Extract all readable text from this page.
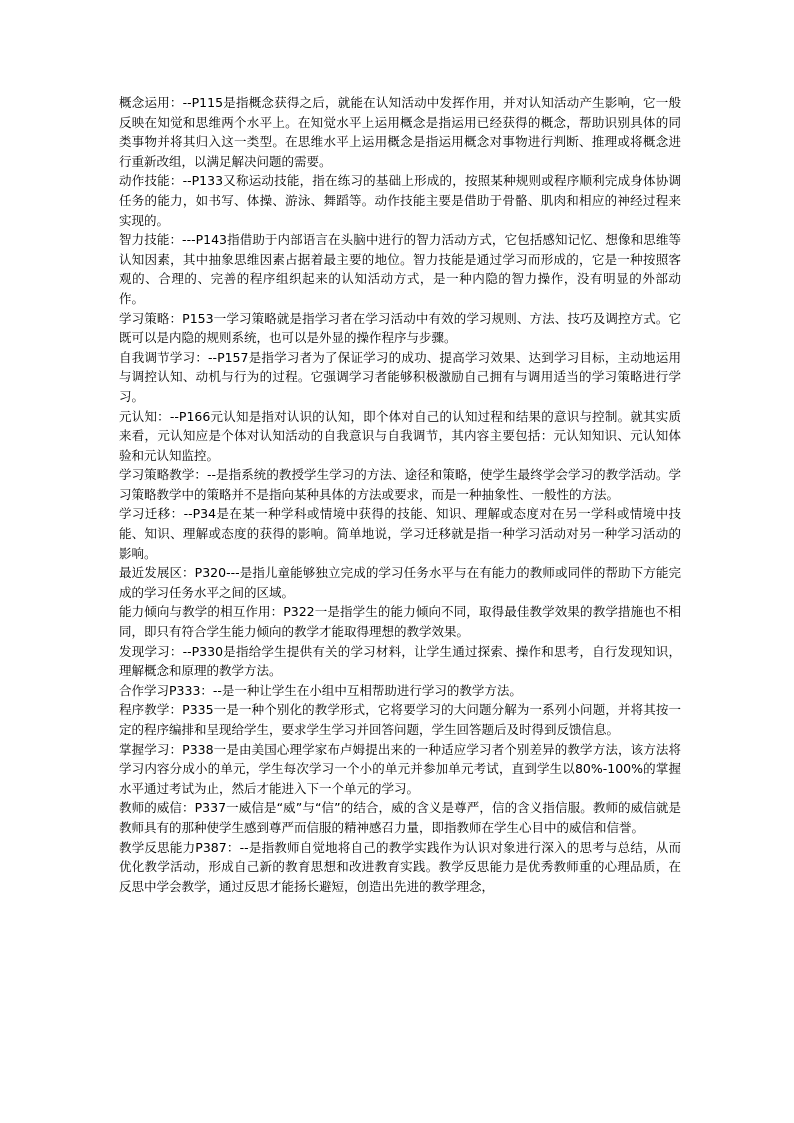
概念运用：--P115是指概念获得之后，就能在认知活动中发挥作用，并对认知活动产生影响，它一般反映在知觉和思维两个水平上。在知觉水平上运用概念是指运用已经获得的概念，帮助识别具体的同类事物并将其归入这一类型。在思维水平上运用概念是指运用概念对事物进行判断、推理或将概念进行重新改组，以满足解决问题的需要。

动作技能：--P133又称运动技能，指在练习的基础上形成的，按照某种规则或程序顺利完成身体协调任务的能力，如书写、体操、游泳、舞蹈等。动作技能主要是借助于骨骼、肌肉和相应的神经过程来实现的。

智力技能：---P143指借助于内部语言在头脑中进行的智力活动方式，它包括感知记忆、想像和思维等认知因素，其中抽象思维因素占据着最主要的地位。智力技能是通过学习而形成的，它是一种按照客观的、合理的、完善的程序组织起来的认知活动方式，是一种内隐的智力操作，没有明显的外部动作。

学习策略：P153一学习策略就是指学习者在学习活动中有效的学习规则、方法、技巧及调控方式。它既可以是内隐的规则系统，也可以是外显的操作程序与步骤。

自我调节学习：--P157是指学习者为了保证学习的成功、提高学习效果、达到学习目标，主动地运用与调控认知、动机与行为的过程。它强调学习者能够积极激励自己拥有与调用适当的学习策略进行学习。

元认知：--P166元认知是指对认识的认知，即个体对自己的认知过程和结果的意识与控制。就其实质来看，元认知应是个体对认知活动的自我意识与自我调节，其内容主要包括：元认知知识、元认知体验和元认知监控。

学习策略教学：--是指系统的教授学生学习的方法、途径和策略，使学生最终学会学习的教学活动。学习策略教学中的策略并不是指向某种具体的方法或要求，而是一种抽象性、一般性的方法。

学习迁移：--P34是在某一种学科或情境中获得的技能、知识、理解或态度对在另一学科或情境中技能、知识、理解或态度的获得的影响。简单地说，学习迁移就是指一种学习活动对另一种学习活动的影响。

最近发展区：P320---是指儿童能够独立完成的学习任务水平与在有能力的教师或同伴的帮助下方能完成的学习任务水平之间的区域。

能力倾向与教学的相互作用：P322一是指学生的能力倾向不同，取得最佳教学效果的教学措施也不相同，即只有符合学生能力倾向的教学才能取得理想的教学效果。

发现学习：--P330是指给学生提供有关的学习材料，让学生通过探索、操作和思考，自行发现知识，理解概念和原理的教学方法。

合作学习P333：--是一种让学生在小组中互相帮助进行学习的教学方法。

程序教学：P335一是一种个别化的教学形式，它将要学习的大问题分解为一系列小问题，并将其按一定的程序编排和呈现给学生，要求学生学习并回答问题，学生回答题后及时得到反馈信息。

掌握学习：P338一是由美国心理学家布卢姆提出来的一种适应学习者个别差异的教学方法，该方法将学习内容分成小的单元，学生每次学习一个小的单元并参加单元考试，直到学生以80%-100%的掌握水平通过考试为止，然后才能进入下一个单元的学习。

教师的威信：P337一威信是“威”与“信”的结合，威的含义是尊严，信的含义指信服。教师的威信就是教师具有的那种使学生感到尊严而信服的精神感召力量，即指教师在学生心目中的威信和信誉。

教学反思能力P387：--是指教师自觉地将自己的教学实践作为认识对象进行深入的思考与总结，从而优化教学活动，形成自己新的教育思想和改进教育实践。教学反思能力是优秀教师重的心理品质，在反思中学会教学，通过反思才能扬长避短，创造出先进的教学理念，
